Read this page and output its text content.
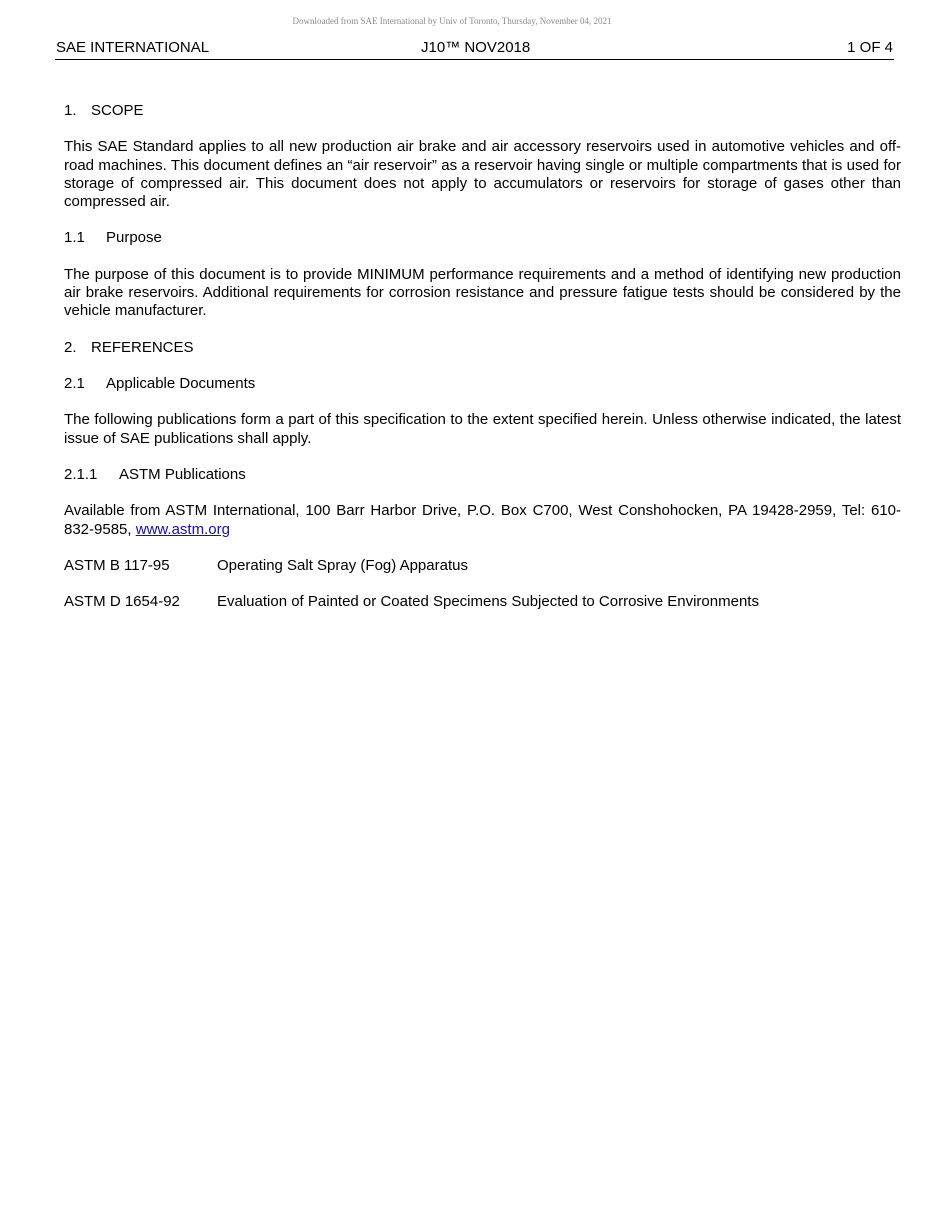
Downloaded from SAE International by Univ of Toronto, Thursday, November 04, 2021
SAE INTERNATIONAL	J10™ NOV2018	1 OF 4
1. SCOPE

This SAE Standard applies to all new production air brake and air accessory reservoirs used in automotive vehicles and off-road machines. This document defines an “air reservoir” as a reservoir having single or multiple compartments that is used for storage of compressed air. This document does not apply to accumulators or reservoirs for storage of gases other than compressed air.

1.1 Purpose

The purpose of this document is to provide MINIMUM performance requirements and a method of identifying new production air brake reservoirs. Additional requirements for corrosion resistance and pressure fatigue tests should be considered by the vehicle manufacturer.

2. REFERENCES
2.1 Applicable Documents

The following publications form a part of this specification to the extent specified herein. Unless otherwise indicated, the latest issue of SAE publications shall apply.

2.1.1 ASTM Publications

Available from ASTM International, 100 Barr Harbor Drive, P.O. Box C700, West Conshohocken, PA 19428-2959, Tel: 610-832-9585, www.astm.org

ASTM B 117-95	Operating Salt Spray (Fog) Apparatus
ASTM D 1654-92 Evaluation of Painted or Coated Specimens Subjected to Corrosive Environments
